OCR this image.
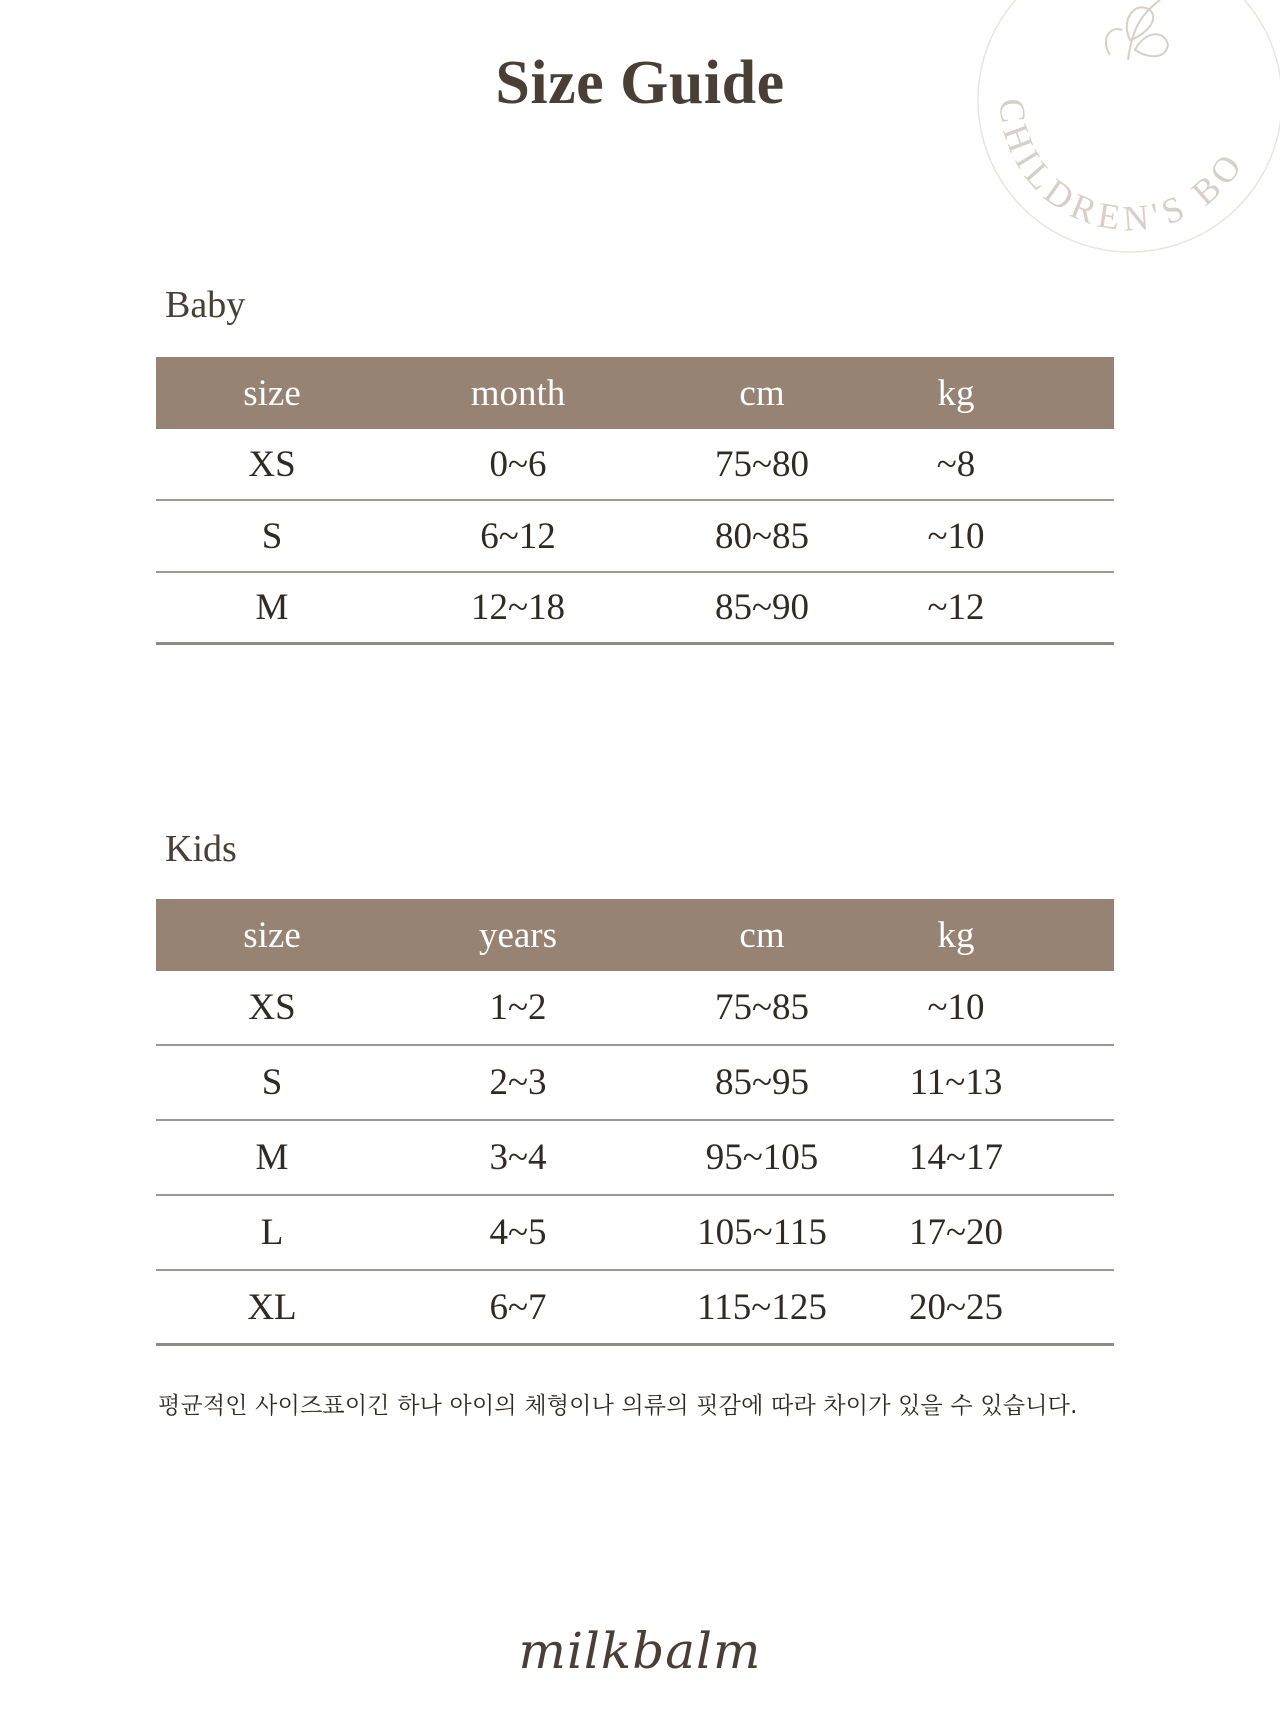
Size Guide	CHILDREN'S BO
Baby
size	month	cm	kg
XS	0~6	75~80	~8
S	6~12	80~85	~10
M	12~18	85~90	~12
Kids
size	years	cm	kg
XS	1~2	75~85	~10
S	2~3	85~95	11~13
M	3~4	95~105	14~17
L	4~5	105~115	17~20
XL	6~7	115~125	20~25
평균적인 사이즈표이긴 하나 아이의 체형이나 의류의 핏감에 따라 차이가 있을 수 있습니다.
milkbalm
